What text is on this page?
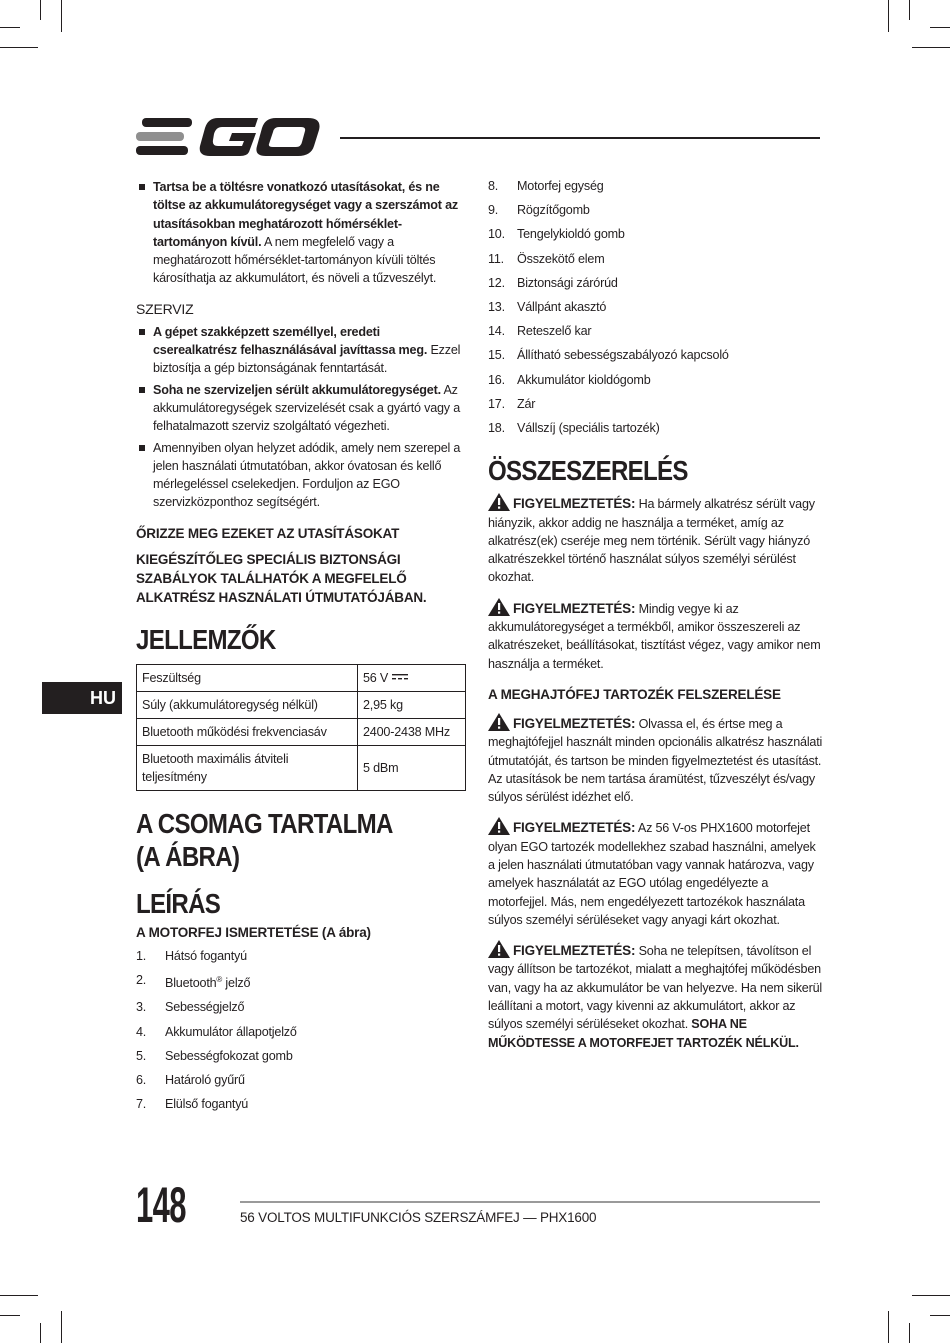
HU

Tartsa be a töltésre vonatkozó utasításokat, és ne töltse az akkumulátoregységet vagy a szerszámot az utasításokban meghatározott hőmérséklet-tartományon kívül. A nem megfelelő vagy a meghatározott hőmérséklet-tartományon kívüli töltés károsíthatja az akkumulátort, és növeli a tűzveszélyt.

SZERVIZ

A gépet szakképzett személlyel, eredeti cserealkatrész felhasználásával javíttassa meg. Ezzel biztosítja a gép biztonságának fenntartását.

Soha ne szervizeljen sérült akkumulátoregységet. Az akkumulátoregységek szervizelését csak a gyártó vagy a felhatalmazott szerviz szolgáltató végezheti.

Amennyiben olyan helyzet adódik, amely nem szerepel a jelen használati útmutatóban, akkor óvatosan és kellő mérlegeléssel cselekedjen. Forduljon az EGO szervizközponthoz segítségért.

ŐRIZZE MEG EZEKET AZ UTASÍTÁSOKAT

KIEGÉSZÍTŐLEG SPECIÁLIS BIZTONSÁGI SZABÁLYOK TALÁLHATÓK A MEGFELELŐ ALKATRÉSZ HASZNÁLATI ÚTMUTATÓJÁBAN.

JELLEMZŐK

Feszültség	56 V
Súly (akkumulátoregység nélkül)	2,95 kg
Bluetooth működési frekvenciasáv	2400-2438 MHz
Bluetooth maximális átviteli teljesítmény	5 dBm

A CSOMAG TARTALMA

(A ÁBRA)

LEÍRÁS

A MOTORFEJ ISMERTETÉSE (A ábra)

1.	Hátsó fogantyú
2.	Bluetooth® jelző
3.	Sebességjelző
4.	Akkumulátor állapotjelző
5.	Sebességfokozat gomb
6.	Határoló gyűrű
7.	Elülső fogantyú
8.	Motorfej egység
9.	Rögzítőgomb
10. Tengelykioldó gomb
11.	Összekötő elem
12. Biztonsági zárórúd
13. Vállpánt akasztó
14. Reteszelő kar
15. Állítható sebességszabályozó kapcsoló
16. Akkumulátor kioldógomb
17. Zár
18. Vállszíj (speciális tartozék)

ÖSSZESZERELÉS

FIGYELMEZTETÉS: Ha bármely alkatrész sérült vagy hiányzik, akkor addig ne használja a terméket, amíg az alkatrész(ek) cseréje meg nem történik. Sérült vagy hiányzó alkatrészekkel történő használat súlyos személyi sérülést okozhat.

FIGYELMEZTETÉS: Mindig vegye ki az akkumulátoregységet a termékből, amikor összeszereli az alkatrészeket, beállításokat, tisztítást végez, vagy amikor nem használja a terméket.

A MEGHAJTÓFEJ TARTOZÉK FELSZERELÉSE

FIGYELMEZTETÉS: Olvassa el, és értse meg a meghajtófejjel használt minden opcionális alkatrész használati útmutatóját, és tartson be minden figyelmeztetést és utasítást. Az utasítások be nem tartása áramütést, tűzveszélyt és/vagy súlyos sérülést idézhet elő.

FIGYELMEZTETÉS: Az 56 V-os PHX1600 motorfejet olyan EGO tartozék modellekhez szabad használni, amelyek a jelen használati útmutatóban vagy vannak határozva, vagy amelyek használatát az EGO utólag engedélyezte a motorfejjel. Más, nem engedélyezett tartozékok használata súlyos személyi sérüléseket vagy anyagi kárt okozhat.

FIGYELMEZTETÉS: Soha ne telepítsen, távolítson el vagy állítson be tartozékot, mialatt a meghajtófej működésben van, vagy ha az akkumulátor be van helyezve. Ha nem sikerül leállítani a motort, vagy kivenni az akkumulátort, akkor az súlyos személyi sérüléseket okozhat. SOHA NE MŰKÖDTESSE A MOTORFEJET TARTOZÉK NÉLKÜL.

148	56 VOLTOS MULTIFUNKCIÓS SZERSZÁMFEJ — PHX1600
